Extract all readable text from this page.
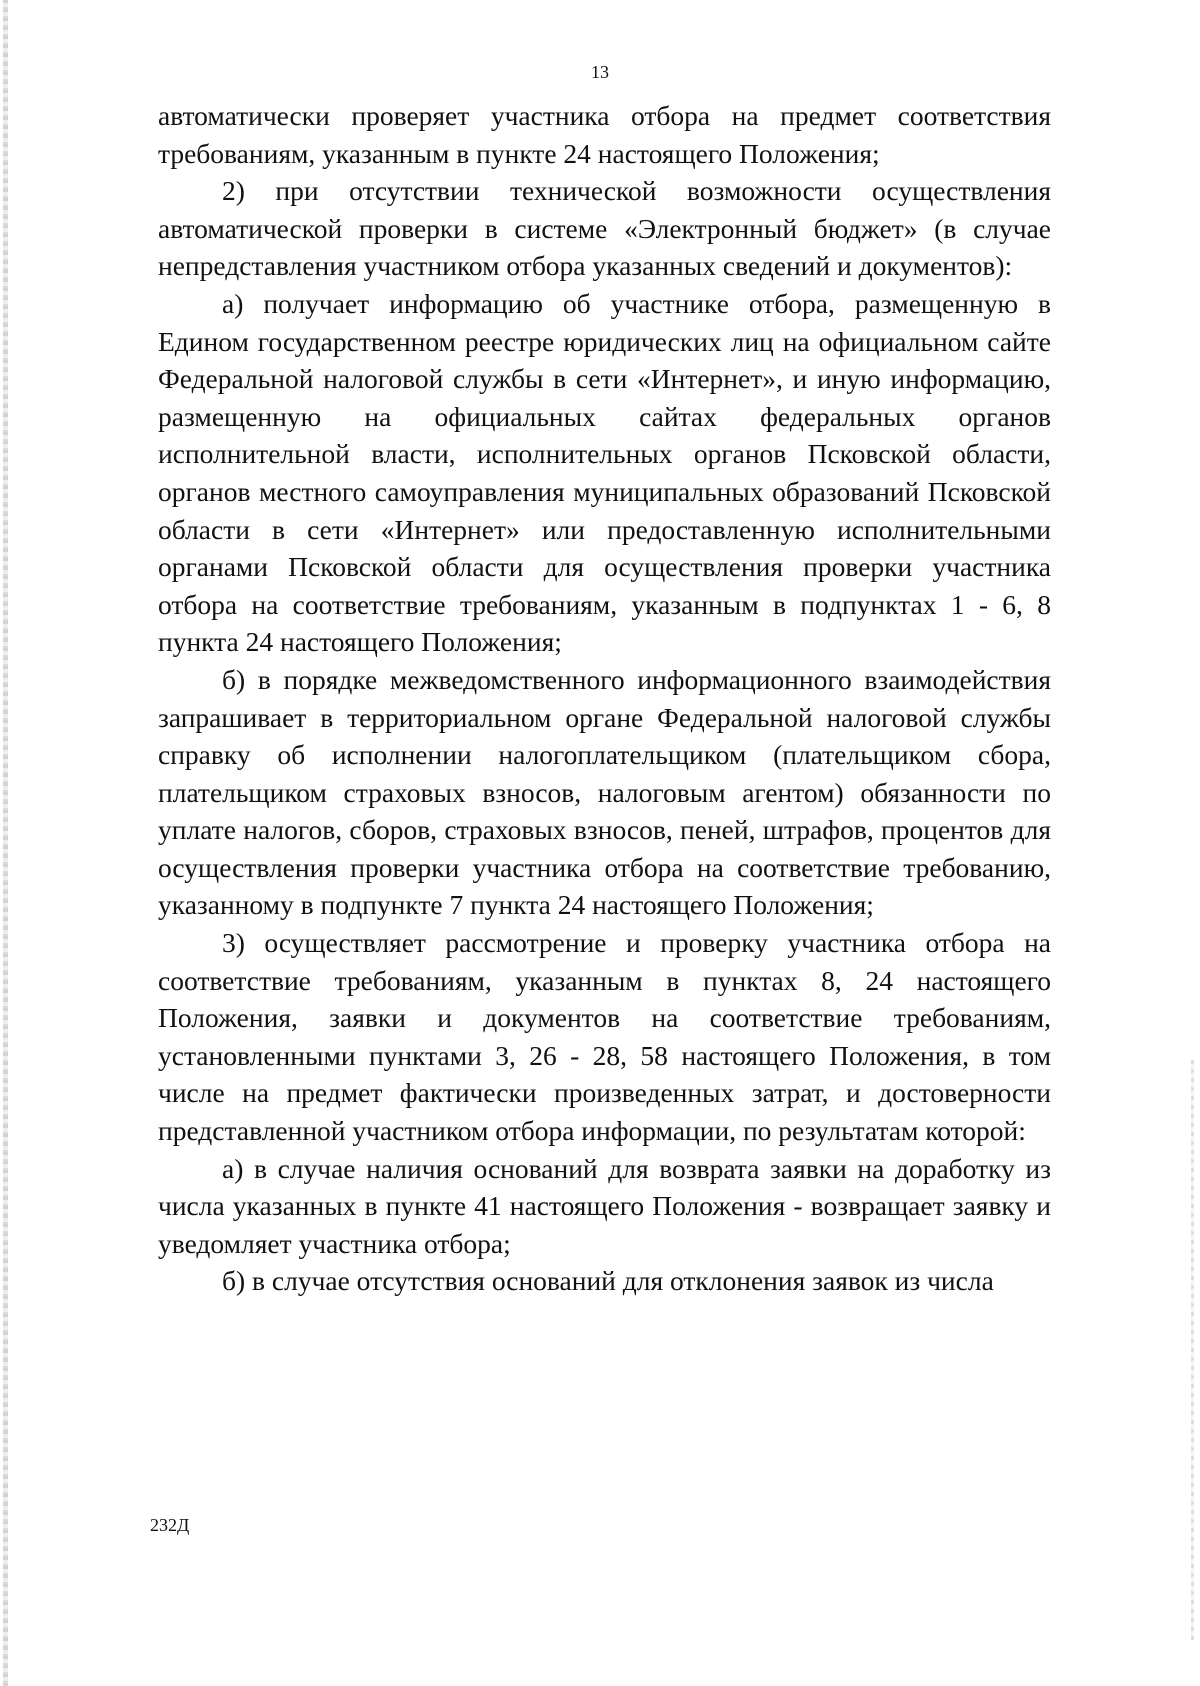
13

автоматически проверяет участника отбора на предмет соответствия требованиям, указанным в пункте 24 настоящего Положения;

2) при отсутствии технической возможности осуществления автоматической проверки в системе «Электронный бюджет» (в случае непредставления участником отбора указанных сведений и документов):

а) получает информацию об участнике отбора, размещенную в Едином государственном реестре юридических лиц на официальном сайте Федеральной налоговой службы в сети «Интернет», и иную информацию, размещенную на официальных сайтах федеральных органов исполнительной власти, исполнительных органов Псковской области, органов местного самоуправления муниципальных образований Псковской области в сети «Интернет» или предоставленную исполнительными органами Псковской области для осуществления проверки участника отбора на соответствие требованиям, указанным в подпунктах 1 - 6, 8 пункта 24 настоящего Положения;

б) в порядке межведомственного информационного взаимодействия запрашивает в территориальном органе Федеральной налоговой службы справку об исполнении налогоплательщиком (плательщиком сбора, плательщиком страховых взносов, налоговым агентом) обязанности по уплате налогов, сборов, страховых взносов, пеней, штрафов, процентов для осуществления проверки участника отбора на соответствие требованию, указанному в подпункте 7 пункта 24 настоящего Положения;

3) осуществляет рассмотрение и проверку участника отбора на соответствие требованиям, указанным в пунктах 8, 24 настоящего Положения, заявки и документов на соответствие требованиям, установленными пунктами 3, 26 - 28, 58 настоящего Положения, в том числе на предмет фактически произведенных затрат, и достоверности представленной участником отбора информации, по результатам которой:

а) в случае наличия оснований для возврата заявки на доработку из числа указанных в пункте 41 настоящего Положения - возвращает заявку и уведомляет участника отбора;

б) в случае отсутствия оснований для отклонения заявок из числа

232Д
